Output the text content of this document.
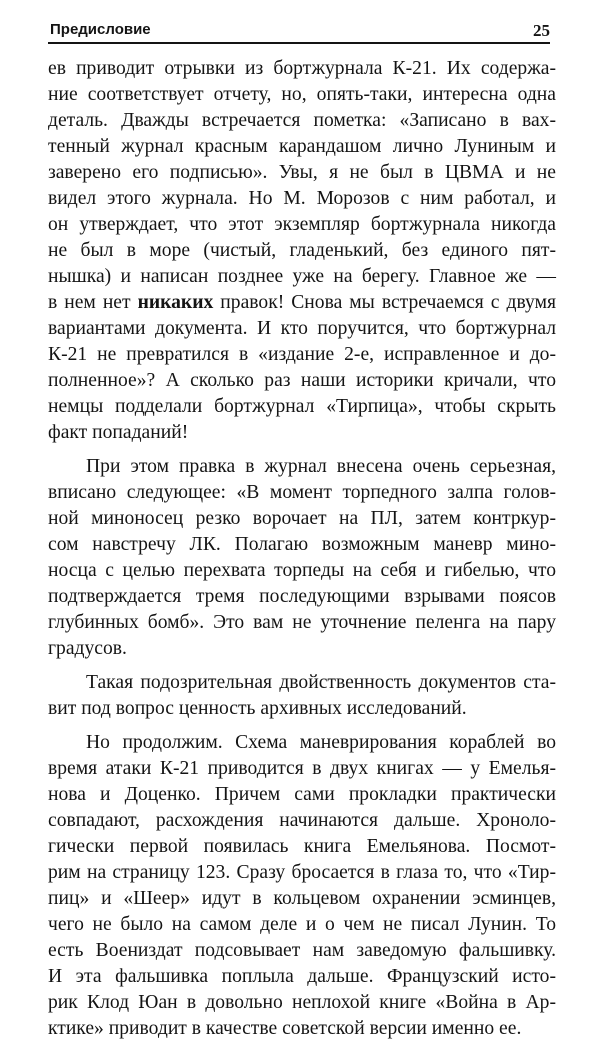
Предисловие	25
ев приводит отрывки из бортжурнала К-21. Их содержа-
ние соответствует отчету, но, опять-таки, интересна одна
деталь. Дважды встречается пометка: «Записано в вах-
тенный журнал красным карандашом лично Луниным и
заверено его подписью». Увы, я не был в ЦВМА и не
видел этого журнала. Но М. Морозов с ним работал, и
он утверждает, что этот экземпляр бортжурнала никогда
не был в море (чистый, гладенький, без единого пят-
нышка) и написан позднее уже на берегу. Главное же —
в нем нет никаких правок! Снова мы встречаемся с двумя
вариантами документа. И кто поручится, что бортжурнал
К-21 не превратился в «издание 2-е, исправленное и до-
полненное»? А сколько раз наши историки кричали, что
немцы подделали бортжурнал «Тирпица», чтобы скрыть
факт попаданий!
При этом правка в журнал внесена очень серьезная,
вписано следующее: «В момент торпедного залпа голов-
ной миноносец резко ворочает на ПЛ, затем контркур-
сом навстречу ЛК. Полагаю возможным маневр мино-
носца с целью перехвата торпеды на себя и гибелью, что
подтверждается тремя последующими взрывами поясов
глубинных бомб». Это вам не уточнение пеленга на пару
градусов.
Такая подозрительная двойственность документов ста-
вит под вопрос ценность архивных исследований.
Но продолжим. Схема маневрирования кораблей во
время атаки К-21 приводится в двух книгах — у Емелья-
нова и Доценко. Причем сами прокладки практически
совпадают, расхождения начинаются дальше. Хроноло-
гически первой появилась книга Емельянова. Посмот-
рим на страницу 123. Сразу бросается в глаза то, что «Тир-
пиц» и «Шеер» идут в кольцевом охранении эсминцев,
чего не было на самом деле и о чем не писал Лунин. То
есть Воениздат подсовывает нам заведомую фальшивку.
И эта фальшивка поплыла дальше. Французский исто-
рик Клод Юан в довольно неплохой книге «Война в Ар-
ктике» приводит в качестве советской версии именно ее.
